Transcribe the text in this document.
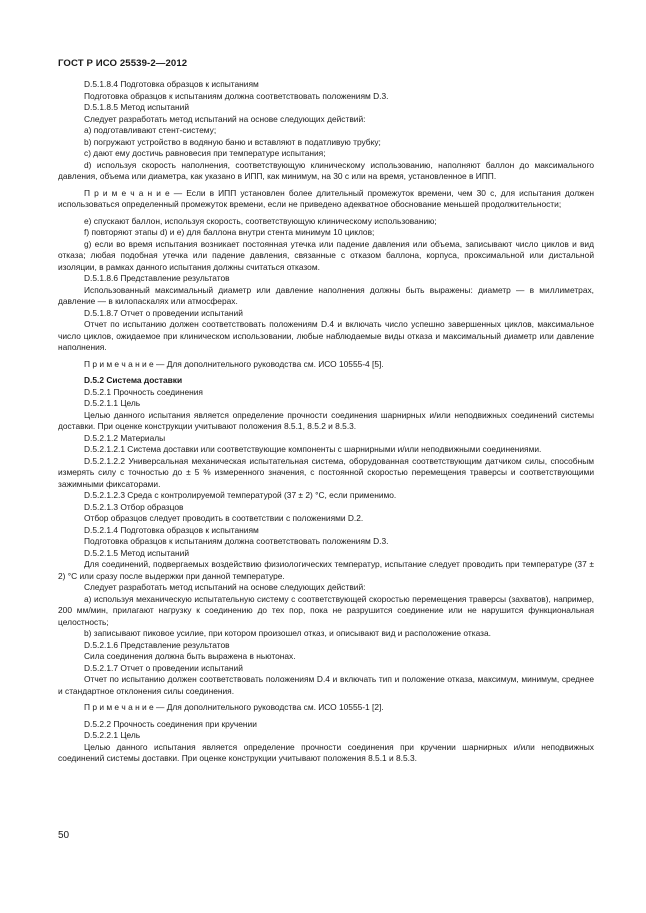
ГОСТ Р ИСО 25539-2—2012

D.5.1.8.4 Подготовка образцов к испытаниям

Подготовка образцов к испытаниям должна соответствовать положениям D.3.

D.5.1.8.5 Метод испытаний

Следует разработать метод испытаний на основе следующих действий:

а) подготавливают стент-систему;

b) погружают устройство в водяную баню и вставляют в податливую трубку;

с) дают ему достичь равновесия при температуре испытания;

d) используя скорость наполнения, соответствующую клиническому использованию, наполняют баллон до максимального давления, объема или диаметра, как указано в ИПП, как минимум, на 30 с или на время, установленное в ИПП.

П р и м е ч а н и е — Если в ИПП установлен более длительный промежуток времени, чем 30 с, для испытания должен использоваться определенный промежуток времени, если не приведено адекватное обоснование меньшей продолжительности;

е) спускают баллон, используя скорость, соответствующую клиническому использованию;

f) повторяют этапы d) и е) для баллона внутри стента минимум 10 циклов;

g) если во время испытания возникает постоянная утечка или падение давления или объема, записывают число циклов и вид отказа; любая подобная утечка или падение давления, связанные с отказом баллона, корпуса, проксимальной или дистальной изоляции, в рамках данного испытания должны считаться отказом.

D.5.1.8.6 Представление результатов

Использованный максимальный диаметр или давление наполнения должны быть выражены: диаметр — в миллиметрах, давление — в килопаскалях или атмосферах.

D.5.1.8.7 Отчет о проведении испытаний

Отчет по испытанию должен соответствовать положениям D.4 и включать число успешно завершенных циклов, максимальное число циклов, ожидаемое при клиническом использовании, любые наблюдаемые виды отказа и максимальный диаметр или давление наполнения.

П р и м е ч а н и е — Для дополнительного руководства см. ИСО 10555-4 [5].

D.5.2 Система доставки

D.5.2.1 Прочность соединения

D.5.2.1.1 Цель

Целью данного испытания является определение прочности соединения шарнирных и/или неподвижных соединений системы доставки. При оценке конструкции учитывают положения 8.5.1, 8.5.2 и 8.5.3.

D.5.2.1.2 Материалы

D.5.2.1.2.1 Система доставки или соответствующие компоненты с шарнирными и/или неподвижными соединениями.

D.5.2.1.2.2 Универсальная механическая испытательная система, оборудованная соответствующим датчиком силы, способным измерять силу с точностью до ± 5 % измеренного значения, с постоянной скоростью перемещения траверсы и соответствующими зажимными фиксаторами.

D.5.2.1.2.3 Среда с контролируемой температурой (37 ± 2) °С, если применимо.

D.5.2.1.3 Отбор образцов

Отбор образцов следует проводить в соответствии с положениями D.2.

D.5.2.1.4 Подготовка образцов к испытаниям

Подготовка образцов к испытаниям должна соответствовать положениям D.3.

D.5.2.1.5 Метод испытаний

Для соединений, подвергаемых воздействию физиологических температур, испытание следует проводить при температуре (37 ± 2) °С или сразу после выдержки при данной температуре.

Следует разработать метод испытаний на основе следующих действий:

а) используя механическую испытательную систему с соответствующей скоростью перемещения траверсы (захватов), например, 200 мм/мин, прилагают нагрузку к соединению до тех пор, пока не разрушится соединение или не нарушится функциональная целостность;

b) записывают пиковое усилие, при котором произошел отказ, и описывают вид и расположение отказа.

D.5.2.1.6 Представление результатов

Сила соединения должна быть выражена в ньютонах.

D.5.2.1.7 Отчет о проведении испытаний

Отчет по испытанию должен соответствовать положениям D.4 и включать тип и положение отказа, максимум, минимум, среднее и стандартное отклонения силы соединения.

П р и м е ч а н и е — Для дополнительного руководства см. ИСО 10555-1 [2].

D.5.2.2 Прочность соединения при кручении

D.5.2.2.1 Цель

Целью данного испытания является определение прочности соединения при кручении шарнирных и/или неподвижных соединений системы доставки. При оценке конструкции учитывают положения 8.5.1 и 8.5.3.

50
